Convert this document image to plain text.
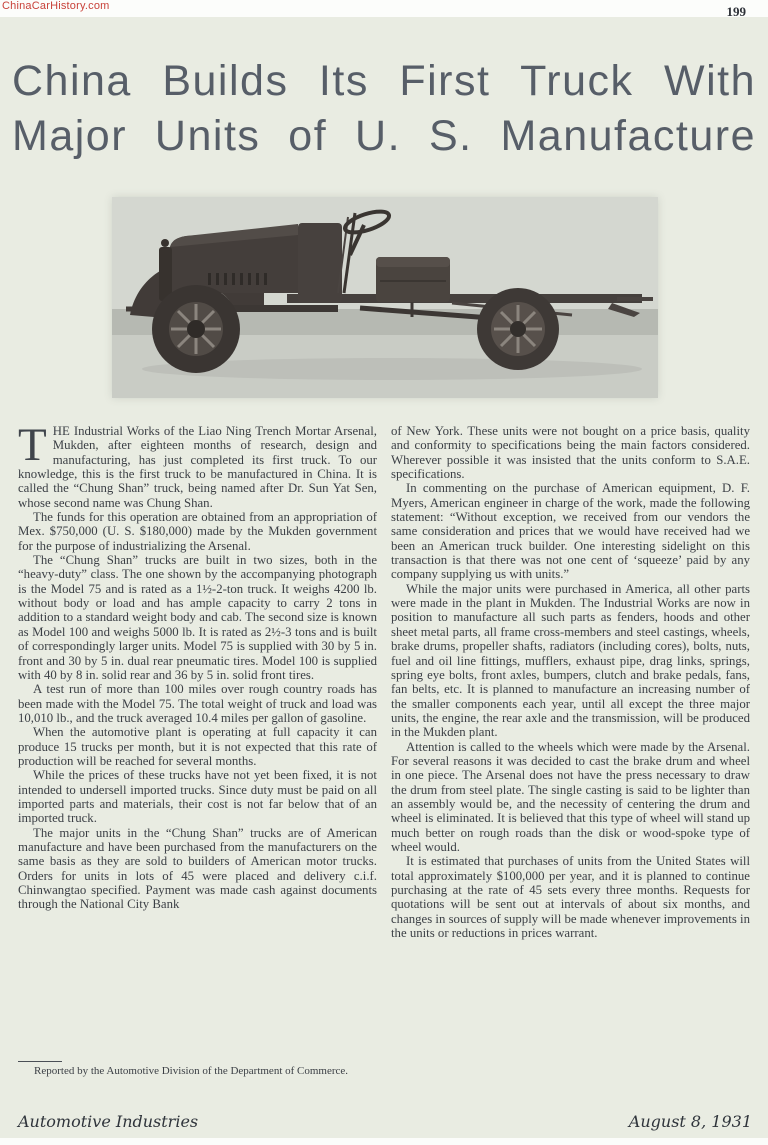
ChinaCarHistory.com	199
China Builds Its First Truck With
Major Units of U. S. Manufacture

THE Industrial Works of the Liao Ning Trench Mortar Arsenal, Mukden, after eighteen months of research, design and manufacturing, has just completed its first truck. To our knowledge, this is the first truck to be manufactured in China. It is called the “Chung Shan” truck, being named after Dr. Sun Yat Sen, whose second name was Chung Shan.

The funds for this operation are obtained from an appropriation of Mex. $750,000 (U. S. $180,000) made by the Mukden government for the purpose of industrializing the Arsenal.

The “Chung Shan” trucks are built in two sizes, both in the “heavy-duty” class. The one shown by the accompanying photograph is the Model 75 and is rated as a 1½-2-ton truck. It weighs 4200 lb. without body or load and has ample capacity to carry 2 tons in addition to a standard weight body and cab. The second size is known as Model 100 and weighs 5000 lb. It is rated as 2½-3 tons and is built of correspondingly larger units. Model 75 is supplied with 30 by 5 in. front and 30 by 5 in. dual rear pneumatic tires. Model 100 is supplied with 40 by 8 in. solid rear and 36 by 5 in. solid front tires.

A test run of more than 100 miles over rough country roads has been made with the Model 75. The total weight of truck and load was 10,010 lb., and the truck averaged 10.4 miles per gallon of gasoline.

When the automotive plant is operating at full capacity it can produce 15 trucks per month, but it is not expected that this rate of production will be reached for several months.

While the prices of these trucks have not yet been fixed, it is not intended to undersell imported trucks. Since duty must be paid on all imported parts and materials, their cost is not far below that of an imported truck.

The major units in the “Chung Shan” trucks are of American manufacture and have been purchased from the manufacturers on the same basis as they are sold to builders of American motor trucks. Orders for units in lots of 45 were placed and delivery c.i.f. Chinwangtao specified. Payment was made cash against documents through the National City Bank

of New York. These units were not bought on a price basis, quality and conformity to specifications being the main factors considered. Wherever possible it was insisted that the units conform to S.A.E. specifications.

In commenting on the purchase of American equipment, D. F. Myers, American engineer in charge of the work, made the following statement: “Without exception, we received from our vendors the same consideration and prices that we would have received had we been an American truck builder. One interesting sidelight on this transaction is that there was not one cent of ‘squeeze’ paid by any company supplying us with units.”

While the major units were purchased in America, all other parts were made in the plant in Mukden. The Industrial Works are now in position to manufacture all such parts as fenders, hoods and other sheet metal parts, all frame cross-members and steel castings, wheels, brake drums, propeller shafts, radiators (including cores), bolts, nuts, fuel and oil line fittings, mufflers, exhaust pipe, drag links, springs, spring eye bolts, front axles, bumpers, clutch and brake pedals, fans, fan belts, etc. It is planned to manufacture an increasing number of the smaller components each year, until all except the three major units, the engine, the rear axle and the transmission, will be produced in the Mukden plant.

Attention is called to the wheels which were made by the Arsenal. For several reasons it was decided to cast the brake drum and wheel in one piece. The Arsenal does not have the press necessary to draw the drum from steel plate. The single casting is said to be lighter than an assembly would be, and the necessity of centering the drum and wheel is eliminated. It is believed that this type of wheel will stand up much better on rough roads than the disk or wood-spoke type of wheel would.

It is estimated that purchases of units from the United States will total approximately $100,000 per year, and it is planned to continue purchasing at the rate of 45 sets every three months. Requests for quotations will be sent out at intervals of about six months, and changes in sources of supply will be made whenever improvements in the units or reductions in prices warrant.

Reported by the Automotive Division of the Department of Commerce.
Automotive Industries	August 8, 1931
